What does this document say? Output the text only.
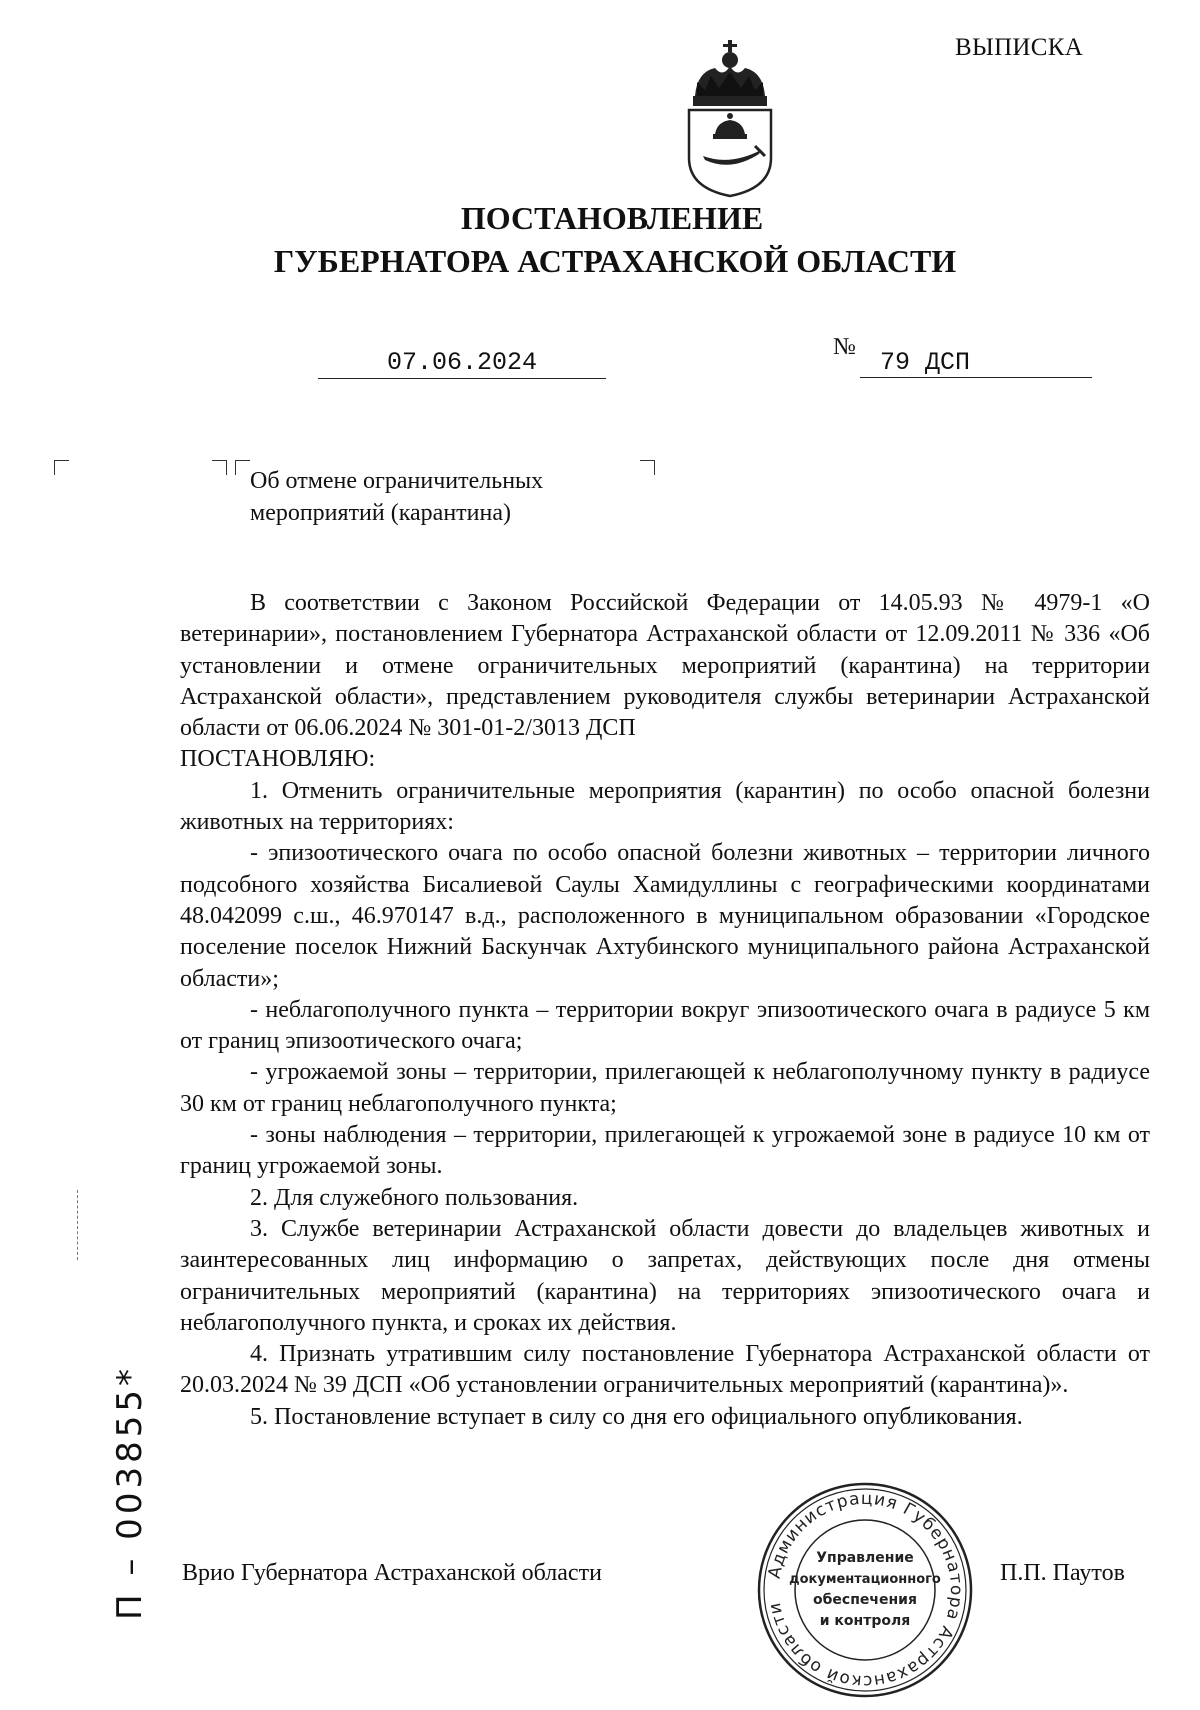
ВЫПИСКА
ПОСТАНОВЛЕНИЕ
ГУБЕРНАТОРА АСТРАХАНСКОЙ ОБЛАСТИ
07.06.2024
№
79 ДСП
Об отмене ограничительных
мероприятий (карантина)

В соответствии с Законом Российской Федерации от 14.05.93 № 4979-1 «О ветеринарии», постановлением Губернатора Астраханской области от 12.09.2011 № 336 «Об установлении и отмене ограничительных мероприятий (карантина) на территории Астраханской области», представлением руководителя службы ветеринарии Астраханской области от 06.06.2024 № 301-01-2/3013 ДСП

ПОСТАНОВЛЯЮ:

1. Отменить ограничительные мероприятия (карантин) по особо опасной болезни животных на территориях:

- эпизоотического очага по особо опасной болезни животных – территории личного подсобного хозяйства Бисалиевой Саулы Хамидуллины с географическими координатами 48.042099 с.ш., 46.970147 в.д., расположенного в муниципальном образовании «Городское поселение поселок Нижний Баскунчак Ахтубинского муниципального района Астраханской области»;

- неблагополучного пункта – территории вокруг эпизоотического очага в радиусе 5 км от границ эпизоотического очага;

- угрожаемой зоны – территории, прилегающей к неблагополучному пункту в радиусе 30 км от границ неблагополучного пункта;

- зоны наблюдения – территории, прилегающей к угрожаемой зоне в радиусе 10 км от границ угрожаемой зоны.

2. Для служебного пользования.

3. Службе ветеринарии Астраханской области довести до владельцев животных и заинтересованных лиц информацию о запретах, действующих после дня отмены ограничительных мероприятий (карантина) на территориях эпизоотического очага и неблагополучного пункта, и сроках их действия.

4. Признать утратившим силу постановление Губернатора Астраханской области от 20.03.2024 № 39 ДСП «Об установлении ограничительных мероприятий (карантина)».

5. Постановление вступает в силу со дня его официального опубликования.

Врио Губернатора Астраханской области	П.П. Паутов
Администрация Губернатора Астраханской области
Управление
документационного
обеспечения
и контроля
П – 003855*
